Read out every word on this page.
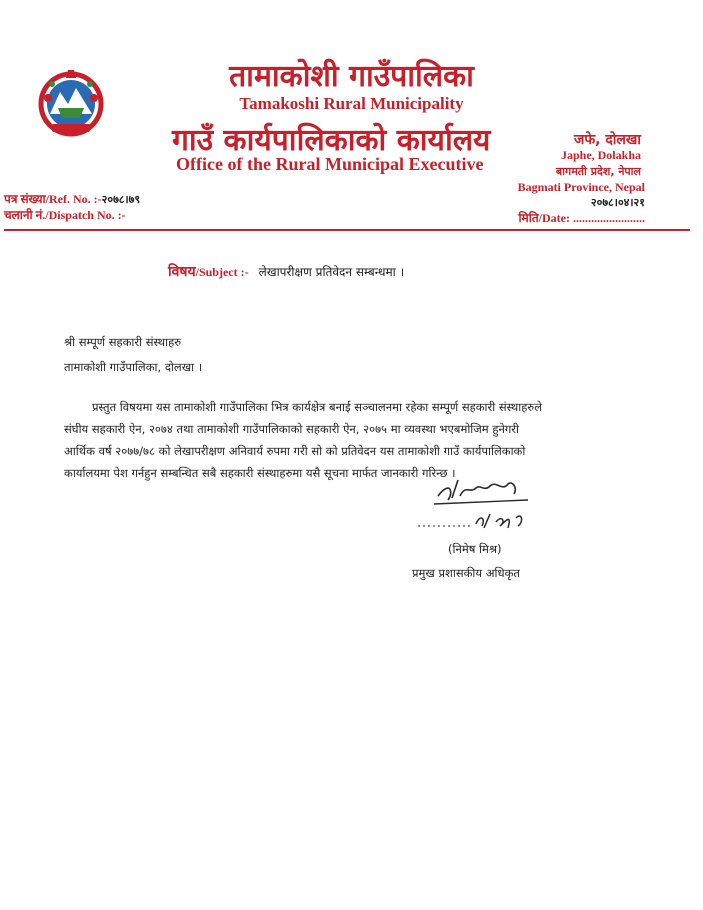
तामाकोशी गाउँपालिका
Tamakoshi Rural Municipality
गाउँ कार्यपालिकाको कार्यालय
Office of the Rural Municipal Executive
जफे, दोलखा
Japhe, Dolakha
बागमती प्रदेश, नेपाल
Bagmati Province, Nepal
२०७८।०४।२१
पत्र संख्या/Ref. No. :-२०७८।७९
चलानी नं./Dispatch No. :-	मिति/Date: ........................
विषय/Subject :- लेखापरीक्षण प्रतिवेदन सम्बन्धमा ।
श्री सम्पूर्ण सहकारी संस्थाहरु
तामाकोशी गाउँपालिका, दोलखा ।
प्रस्तुत विषयमा यस तामाकोशी गाउँपालिका भित्र कार्यक्षेत्र बनाई सञ्चालनमा रहेका सम्पूर्ण सहकारी संस्थाहरुले
संघीय सहकारी ऐन, २०७४ तथा तामाकोशी गाउँपालिकाको सहकारी ऐन, २०७५ मा व्यवस्था भएबमोजिम हुनेगरी
आर्थिक वर्ष २०७७/७८ को लेखापरीक्षण अनिवार्य रुपमा गरी सो को प्रतिवेदन यस तामाकोशी गाउँ कार्यपालिकाको
कार्यालयमा पेश गर्नहुन सम्बन्धित सबै सहकारी संस्थाहरुमा यसै सूचना मार्फत जानकारी गरिन्छ ।
(निमेष मिश्र)
प्रमुख प्रशासकीय अधिकृत
